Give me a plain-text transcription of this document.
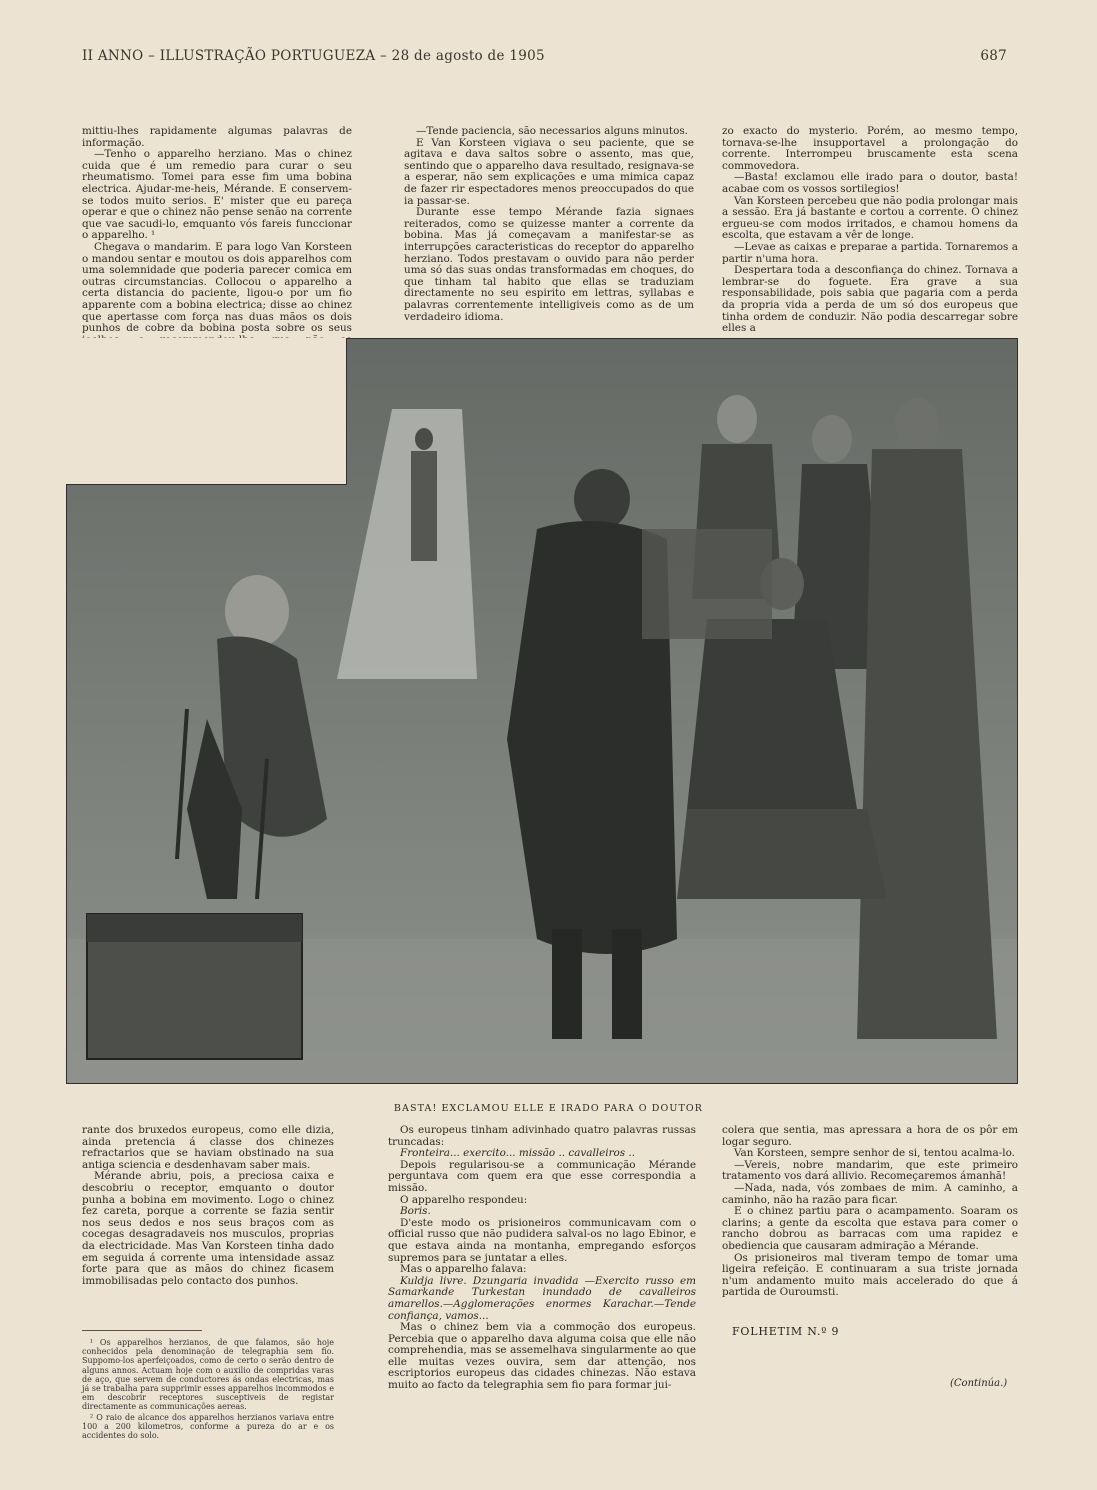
II ANNO – ILLUSTRAÇÃO PORTUGUEZA – 28 de agosto de 1905	687

mittiu-lhes rapidamente algumas palavras de informação.

—Tenho o apparelho herziano. Mas o chinez cuida que é um remedio para curar o seu rheumatismo. Tomei para esse fim uma bobina electrica. Ajudar-me-heis, Mérande. E conservem-se todos muito serios. E' mister que eu pareça operar e que o chinez não pense senão na corrente que vae sacudi-lo, emquanto vós fareis funccionar o apparelho. ¹

Chegava o mandarim. E para logo Van Korsteen o mandou sentar e moutou os dois apparelhos com uma solemnidade que poderia parecer comica em outras circumstancias. Collocou o apparelho a certa distancia do paciente, ligou-o por um fio apparente com a bobina electrica; disse ao chinez que apertasse com força nas duas mãos os dois punhos de cobre da bobina posta sobre os seus

—Tende paciencia, são necessarios alguns minutos.

E Van Korsteen vigiava o seu paciente, que se agitava e dava saltos sobre o assento, mas que, sentindo que o apparelho dava resultado, resignava-se a esperar, não sem explicações e uma mimica capaz de fazer rir espectadores menos preoccupados do que ia passar-se.

Durante esse tempo Mérande fazia signaes reiterados, como se quizesse manter a corrente da bobina. Mas já começavam a manifestar-se as interrupções caracteristicas do receptor do apparelho herziano. Todos prestavam o ouvido para não perder uma só das suas ondas transformadas em choques, do que tinham tal habito que ellas se traduziam directamente no seu espirito em lettras, syllabas e palavras correntemente intelligiveis como as de um verdadeiro idioma.

zo exacto do mysterio. Porém, ao mesmo tempo, tornava-se-lhe insupportavel a prolongação do corrente. Interrompeu bruscamente esta scena commovedora.

—Basta! exclamou elle irado para o doutor, basta! acabae com os vossos sortilegios!

Van Korsteen percebeu que não podia prolongar mais a sessão. Era já bastante e cortou a corrente. O chinez ergueu-se com modos irritados, e chamou homens da escolta, que estavam a vêr de longe.

—Levae as caixas e preparae a partida. Tornaremos a partir n'uma hora.

Despertara toda a desconfiança do chinez. Tornava a lembrar-se do foguete. Era grave a sua responsabilidade, pois sabia que pagaria com a perda da propria vida a perda de um só dos europeus que tinha ordem de conduzir. Não podia descarregar sobre elles a

BASTA! EXCLAMOU ELLE E IRADO PARA O DOUTOR

rante dos bruxedos europeus, como elle dizia, ainda pretencia á classe dos chinezes refractarios que se haviam obstinado na sua antiga sciencia e desdenhavam saber mais.

Mérande abriu, pois, a preciosa caixa e descobriu o receptor, emquanto o doutor punha a bobina em movimento. Logo o chinez fez careta, porque a corrente se fazia sentir nos seus dedos e nos seus braços com as cocegas desagradaveis nos musculos, proprias da electricidade. Mas Van Korsteen tinha dado em seguida á corrente uma intensidade assaz forte para que as mãos do chinez ficasem immobilisadas pelo contacto dos punhos.

¹ Os apparelhos herzianos, de que falamos, são hoje conhecidos pela denominação de telegraphia sem fio. Suppomo-los aperfeiçoados, como de certo o serão dentro de alguns annos. Actuam hoje com o auxilio de compridas varas de aço, que servem de conductores ás ondas electricas, mas já se trabalha para supprimir esses apparelhos incommodos e em descobrir receptores susceptiveis de registar directamente as communicações aereas.

² O raio de alcance dos apparelhos herzianos variava entre 100 a 200 kilometros, conforme a pureza do ar e os accidentes do solo.

Os europeus tinham adivinhado quatro palavras russas truncadas:

Fronteira... exercito... missão .. cavalleiros ..

Depois regularisou-se a communicação Mérande perguntava com quem era que esse correspondia a missão.

O apparelho respondeu:

Boris.

D'este modo os prisioneiros communicavam com o official russo que não pudidera salval-os no lago Ebinor, e que estava ainda na montanha, empregando esforços supremos para se juntatar a elles.

Mas o apparelho falava:

Kuldja livre. Dzungaria invadida —Exercito russo em Samarkande Turkestan inundado de cavalleiros amarellos.—Agglomerações enormes Karachar.—Tende confiança, vamos...

Mas o chinez bem via a commoção dos europeus. Percebia que o apparelho dava alguma coisa que elle não comprehendia, mas se assemelhava singularmente ao que elle muitas vezes ouvira, sem dar attenção, nos escriptorios europeus das cidades chinezas. Não estava muito ao facto da telegraphia sem fio para formar jui-

colera que sentia, mas apressara a hora de os pôr em logar seguro.

Van Korsteen, sempre senhor de si, tentou acalma-lo.

—Vereis, nobre mandarim, que este primeiro tratamento vos dará allivio. Recomeçaremos ámanhã!

—Nada, nada, vós zombaes de mim. A caminho, a caminho, não ha razão para ficar.

E o chinez partiu para o acampamento. Soaram os clarins; a gente da escolta que estava para comer o rancho dobrou as barracas com uma rapidez e obediencia que causaram admiração a Mérande.

Os prisioneiros mal tiveram tempo de tomar uma ligeira refeição. E continuaram a sua triste jornada n'um andamento muito mais accelerado do que á partida de Ouroumsti.

FOLHETIM N.º 9
(Continúa.)
